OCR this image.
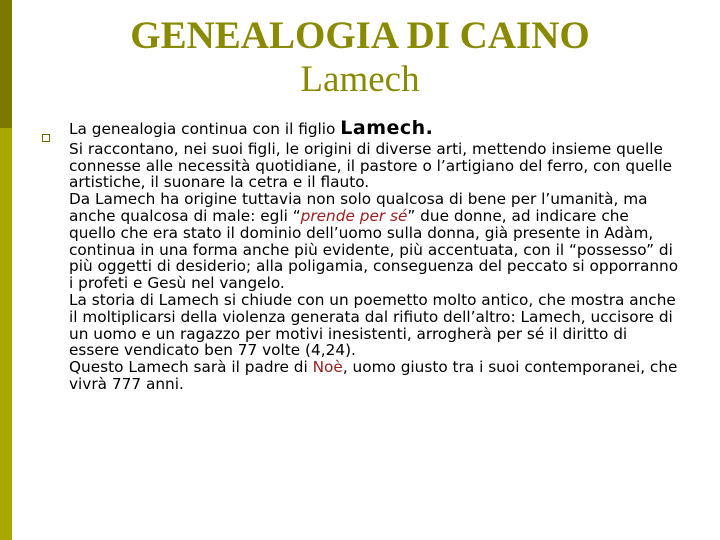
GENEALOGIA DI CAINO
Lamech
La genealogia continua con il figlio Lamech.
Si raccontano, nei suoi figli, le origini di diverse arti, mettendo insieme quelle connesse alle necessità quotidiane, il pastore o l’artigiano del ferro, con quelle artistiche, il suonare la cetra e il flauto.
Da Lamech ha origine tuttavia non solo qualcosa di bene per l’umanità, ma anche qualcosa di male: egli “prende per sé” due donne, ad indicare che quello che era stato il dominio dell’uomo sulla donna, già presente in Adàm, continua in una forma anche più evidente, più accentuata, con il “possesso” di più oggetti di desiderio; alla poligamia, conseguenza del peccato si opporranno i profeti e Gesù nel vangelo.
La storia di Lamech si chiude con un poemetto molto antico, che mostra anche il moltiplicarsi della violenza generata dal rifiuto dell’altro: Lamech, uccisore di un uomo e un ragazzo per motivi inesistenti, arrogherà per sé il diritto di essere vendicato ben 77 volte (4,24).
Questo Lamech sarà il padre di Noè, uomo giusto tra i suoi contemporanei, che vivrà 777 anni.
